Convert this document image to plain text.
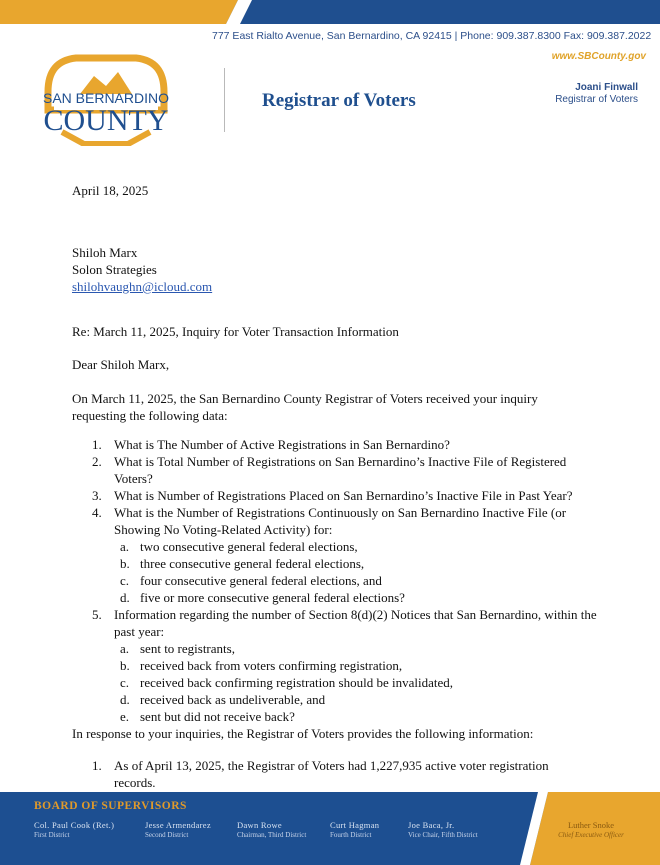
777 East Rialto Avenue, San Bernardino, CA 92415 | Phone: 909.387.8300 Fax: 909.387.2022
www.SBCounty.gov
SAN BERNARDINO
COUNTY
Registrar of Voters
Joani Finwall
Registrar of Voters
April 18, 2025
Shiloh Marx
Solon Strategies
shilohvaughn@icloud.com
Re: March 11, 2025, Inquiry for Voter Transaction Information
Dear Shiloh Marx,
On March 11, 2025, the San Bernardino County Registrar of Voters received your inquiry requesting the following data:
1. What is The Number of Active Registrations in San Bernardino?
2. What is Total Number of Registrations on San Bernardino’s Inactive File of Registered Voters?
3. What is Number of Registrations Placed on San Bernardino’s Inactive File in Past Year?
4. What is the Number of Registrations Continuously on San Bernardino Inactive File (or Showing No Voting-Related Activity) for:
a. two consecutive general federal elections,
b. three consecutive general federal elections,
c. four consecutive general federal elections, and
d. five or more consecutive general federal elections?
5. Information regarding the number of Section 8(d)(2) Notices that San Bernardino, within the past year:
a. sent to registrants,
b. received back from voters confirming registration,
c. received back confirming registration should be invalidated,
d. received back as undeliverable, and
e. sent but did not receive back?
In response to your inquiries, the Registrar of Voters provides the following information:
1. As of April 13, 2025, the Registrar of Voters had 1,227,935 active voter registration records.
BOARD OF SUPERVISORS
Col. Paul Cook (Ret.)
First District
Jesse Armendarez
Second District
Dawn Rowe
Chairman, Third District
Curt Hagman
Fourth District
Joe Baca, Jr.
Vice Chair, Fifth District
Luther Snoke
Chief Executive Officer
